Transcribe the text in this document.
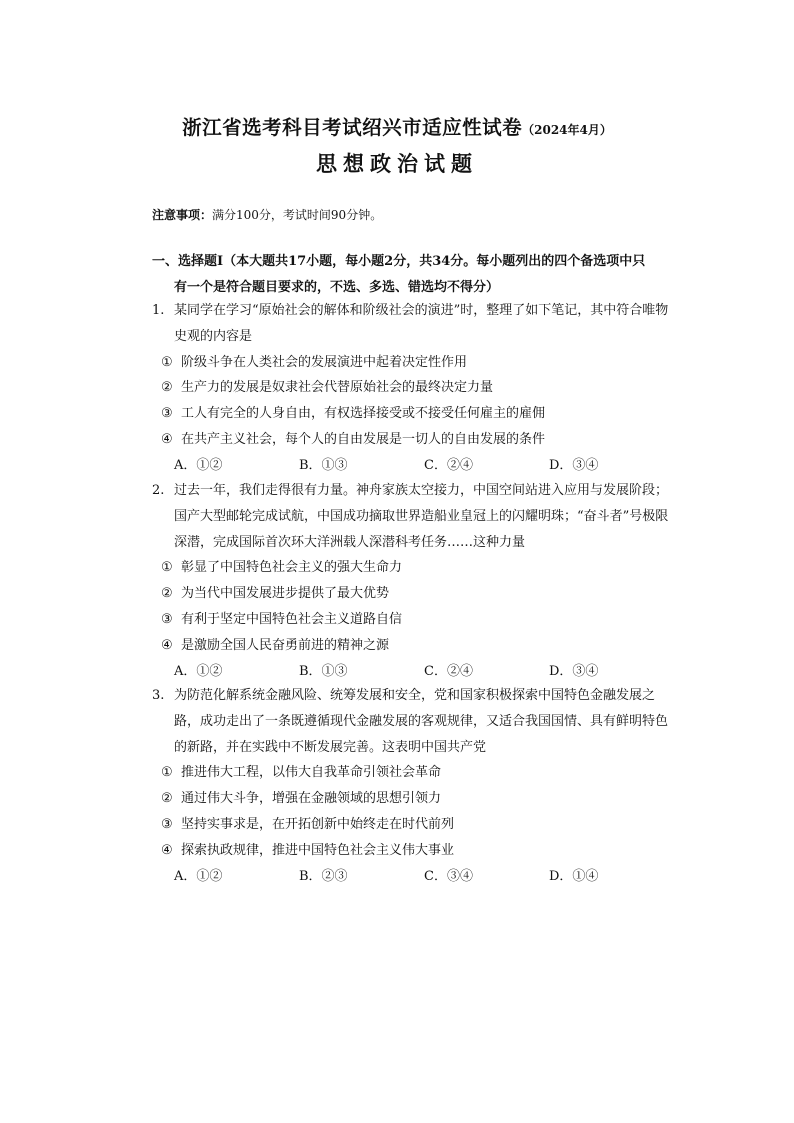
浙江省选考科目考试绍兴市适应性试卷（2024年4月）
思想政治试题
注意事项：满分100分，考试时间90分钟。
一、选择题Ⅰ（本大题共17小题，每小题2分，共34分。每小题列出的四个备选项中只
有一个是符合题目要求的，不选、多选、错选均不得分）
1. 某同学在学习“原始社会的解体和阶级社会的演进”时，整理了如下笔记，其中符合唯物史观的内容是
① 阶级斗争在人类社会的发展演进中起着决定性作用
② 生产力的发展是奴隶社会代替原始社会的最终决定力量
③ 工人有完全的人身自由，有权选择接受或不接受任何雇主的雇佣
④ 在共产主义社会，每个人的自由发展是一切人的自由发展的条件
A．①②	B．①③	C．②④	D．③④
2. 过去一年，我们走得很有力量。神舟家族太空接力，中国空间站进入应用与发展阶段；国产大型邮轮完成试航，中国成功摘取世界造船业皇冠上的闪耀明珠；“奋斗者”号极限深潜，完成国际首次环大洋洲载人深潜科考任务……这种力量
① 彰显了中国特色社会主义的强大生命力
② 为当代中国发展进步提供了最大优势
③ 有利于坚定中国特色社会主义道路自信
④ 是激励全国人民奋勇前进的精神之源
A．①②	B．①③	C．②④	D．③④
3. 为防范化解系统金融风险、统筹发展和安全，党和国家积极探索中国特色金融发展之路，成功走出了一条既遵循现代金融发展的客观规律，又适合我国国情、具有鲜明特色的新路，并在实践中不断发展完善。这表明中国共产党
① 推进伟大工程，以伟大自我革命引领社会革命
② 通过伟大斗争，增强在金融领域的思想引领力
③ 坚持实事求是，在开拓创新中始终走在时代前列
④ 探索执政规律，推进中国特色社会主义伟大事业
A．①②	B．②③	C．③④	D．①④
